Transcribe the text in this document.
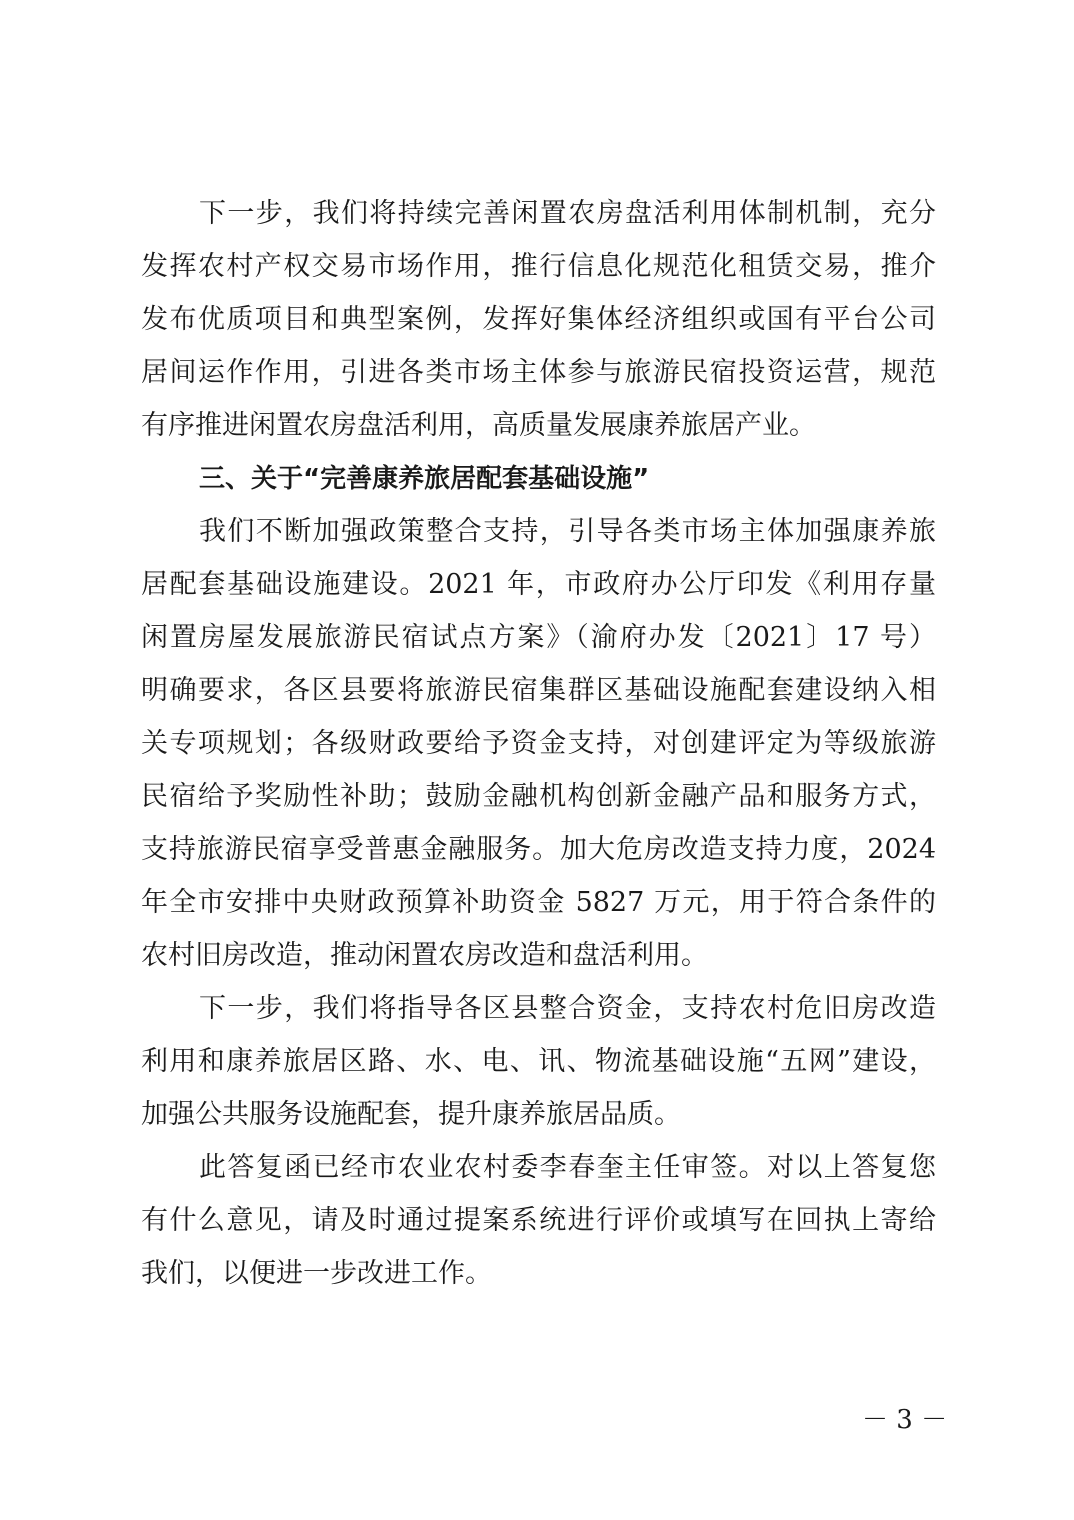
下一步，我们将持续完善闲置农房盘活利用体制机制，充分
发挥农村产权交易市场作用，推行信息化规范化租赁交易，推介
发布优质项目和典型案例，发挥好集体经济组织或国有平台公司
居间运作作用，引进各类市场主体参与旅游民宿投资运营，规范
有序推进闲置农房盘活利用，高质量发展康养旅居产业。
三、关于“完善康养旅居配套基础设施”
我们不断加强政策整合支持，引导各类市场主体加强康养旅
居配套基础设施建设。2021 年，市政府办公厅印发《利用存量
闲置房屋发展旅游民宿试点方案》（渝府办发〔2021〕17 号）
明确要求，各区县要将旅游民宿集群区基础设施配套建设纳入相
关专项规划；各级财政要给予资金支持，对创建评定为等级旅游
民宿给予奖励性补助；鼓励金融机构创新金融产品和服务方式，
支持旅游民宿享受普惠金融服务。加大危房改造支持力度，2024
年全市安排中央财政预算补助资金 5827 万元，用于符合条件的
农村旧房改造，推动闲置农房改造和盘活利用。
下一步，我们将指导各区县整合资金，支持农村危旧房改造
利用和康养旅居区路、水、电、讯、物流基础设施“五网”建设，
加强公共服务设施配套，提升康养旅居品质。
此答复函已经市农业农村委李春奎主任审签。对以上答复您
有什么意见，请及时通过提案系统进行评价或填写在回执上寄给
我们，以便进一步改进工作。
－ 3 －
